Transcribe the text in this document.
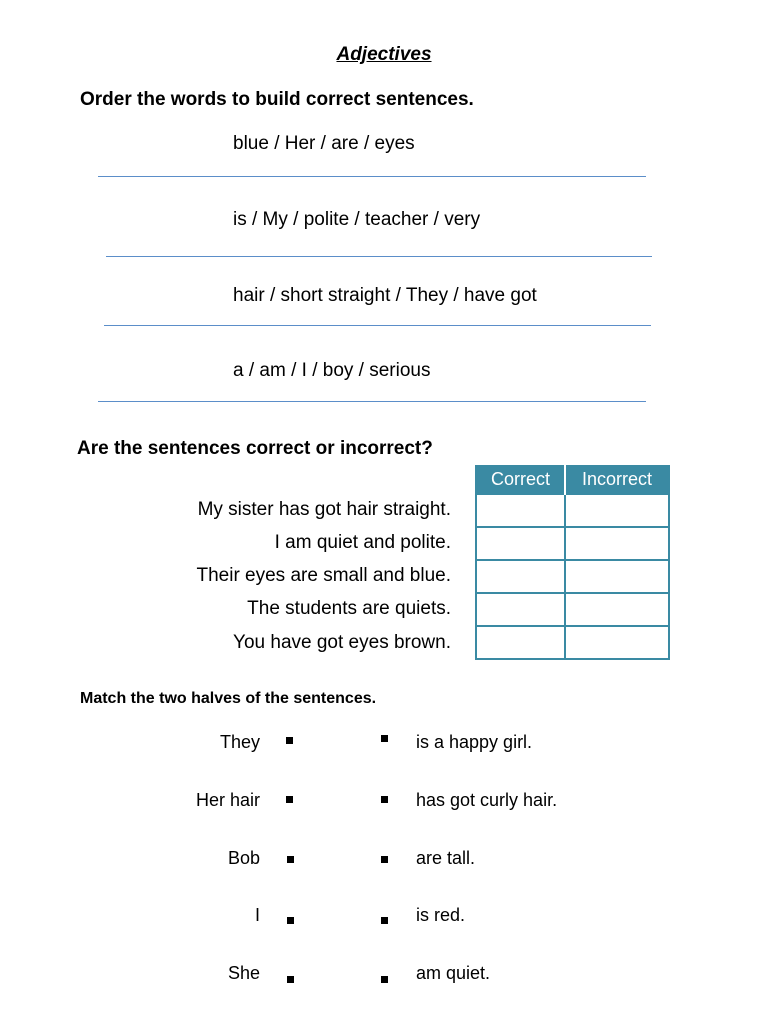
Adjectives
Order the words to build correct sentences.
blue / Her / are / eyes
is / My / polite / teacher / very
hair / short straight / They / have got
a / am / I / boy / serious
Are the sentences correct or incorrect?
My sister has got hair straight.
I am quiet and polite.
Their eyes are small and blue.
The students are quiets.
You have got eyes brown.
Correct	Incorrect

Match the two halves of the sentences.
They	is a happy girl.
Her hair	has got curly hair.
Bob	are tall.
I	is red.
She	am quiet.
